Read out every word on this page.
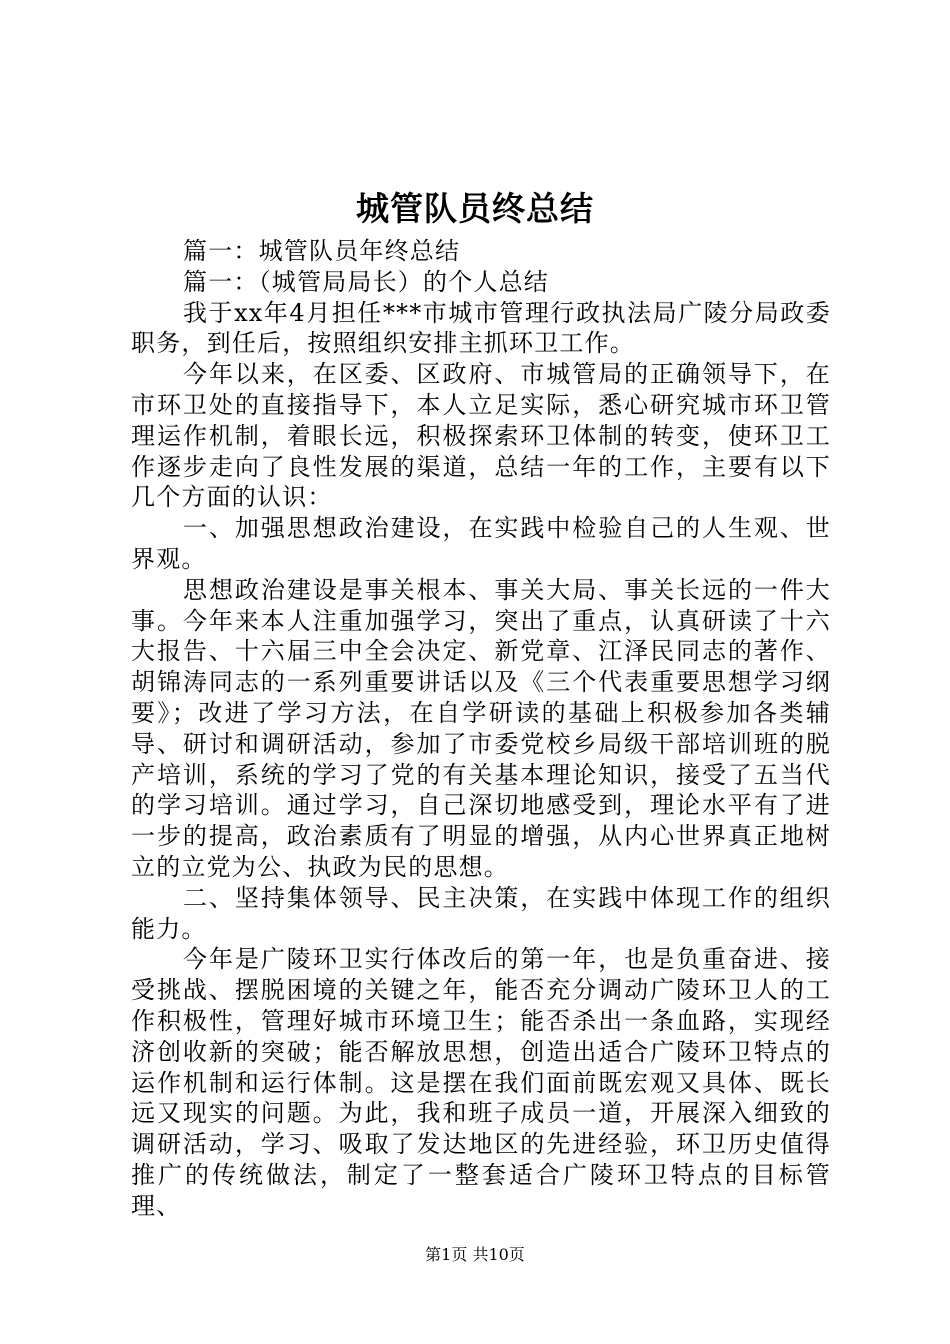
城管队员终总结

篇一：城管队员年终总结

篇一：（城管局局长）的个人总结

我于xx年4月担任***市城市管理行政执法局广陵分局政委职务，到任后，按照组织安排主抓环卫工作。

今年以来，在区委、区政府、市城管局的正确领导下，在市环卫处的直接指导下，本人立足实际，悉心研究城市环卫管理运作机制，着眼长远，积极探索环卫体制的转变，使环卫工作逐步走向了良性发展的渠道，总结一年的工作，主要有以下几个方面的认识：

一、加强思想政治建设，在实践中检验自己的人生观、世界观。

思想政治建设是事关根本、事关大局、事关长远的一件大事。今年来本人注重加强学习，突出了重点，认真研读了十六大报告、十六届三中全会决定、新党章、江泽民同志的著作、胡锦涛同志的一系列重要讲话以及《三个代表重要思想学习纲要》；改进了学习方法，在自学研读的基础上积极参加各类辅导、研讨和调研活动，参加了市委党校乡局级干部培训班的脱产培训，系统的学习了党的有关基本理论知识，接受了五当代的学习培训。通过学习，自己深切地感受到，理论水平有了进一步的提高，政治素质有了明显的增强，从内心世界真正地树立的立党为公、执政为民的思想。

二、坚持集体领导、民主决策，在实践中体现工作的组织能力。

今年是广陵环卫实行体改后的第一年，也是负重奋进、接受挑战、摆脱困境的关键之年，能否充分调动广陵环卫人的工作积极性，管理好城市环境卫生；能否杀出一条血路，实现经济创收新的突破；能否解放思想，创造出适合广陵环卫特点的运作机制和运行体制。这是摆在我们面前既宏观又具体、既长远又现实的问题。为此，我和班子成员一道，开展深入细致的调研活动，学习、吸取了发达地区的先进经验，环卫历史值得推广的传统做法，制定了一整套适合广陵环卫特点的目标管理、

第1页 共10页
